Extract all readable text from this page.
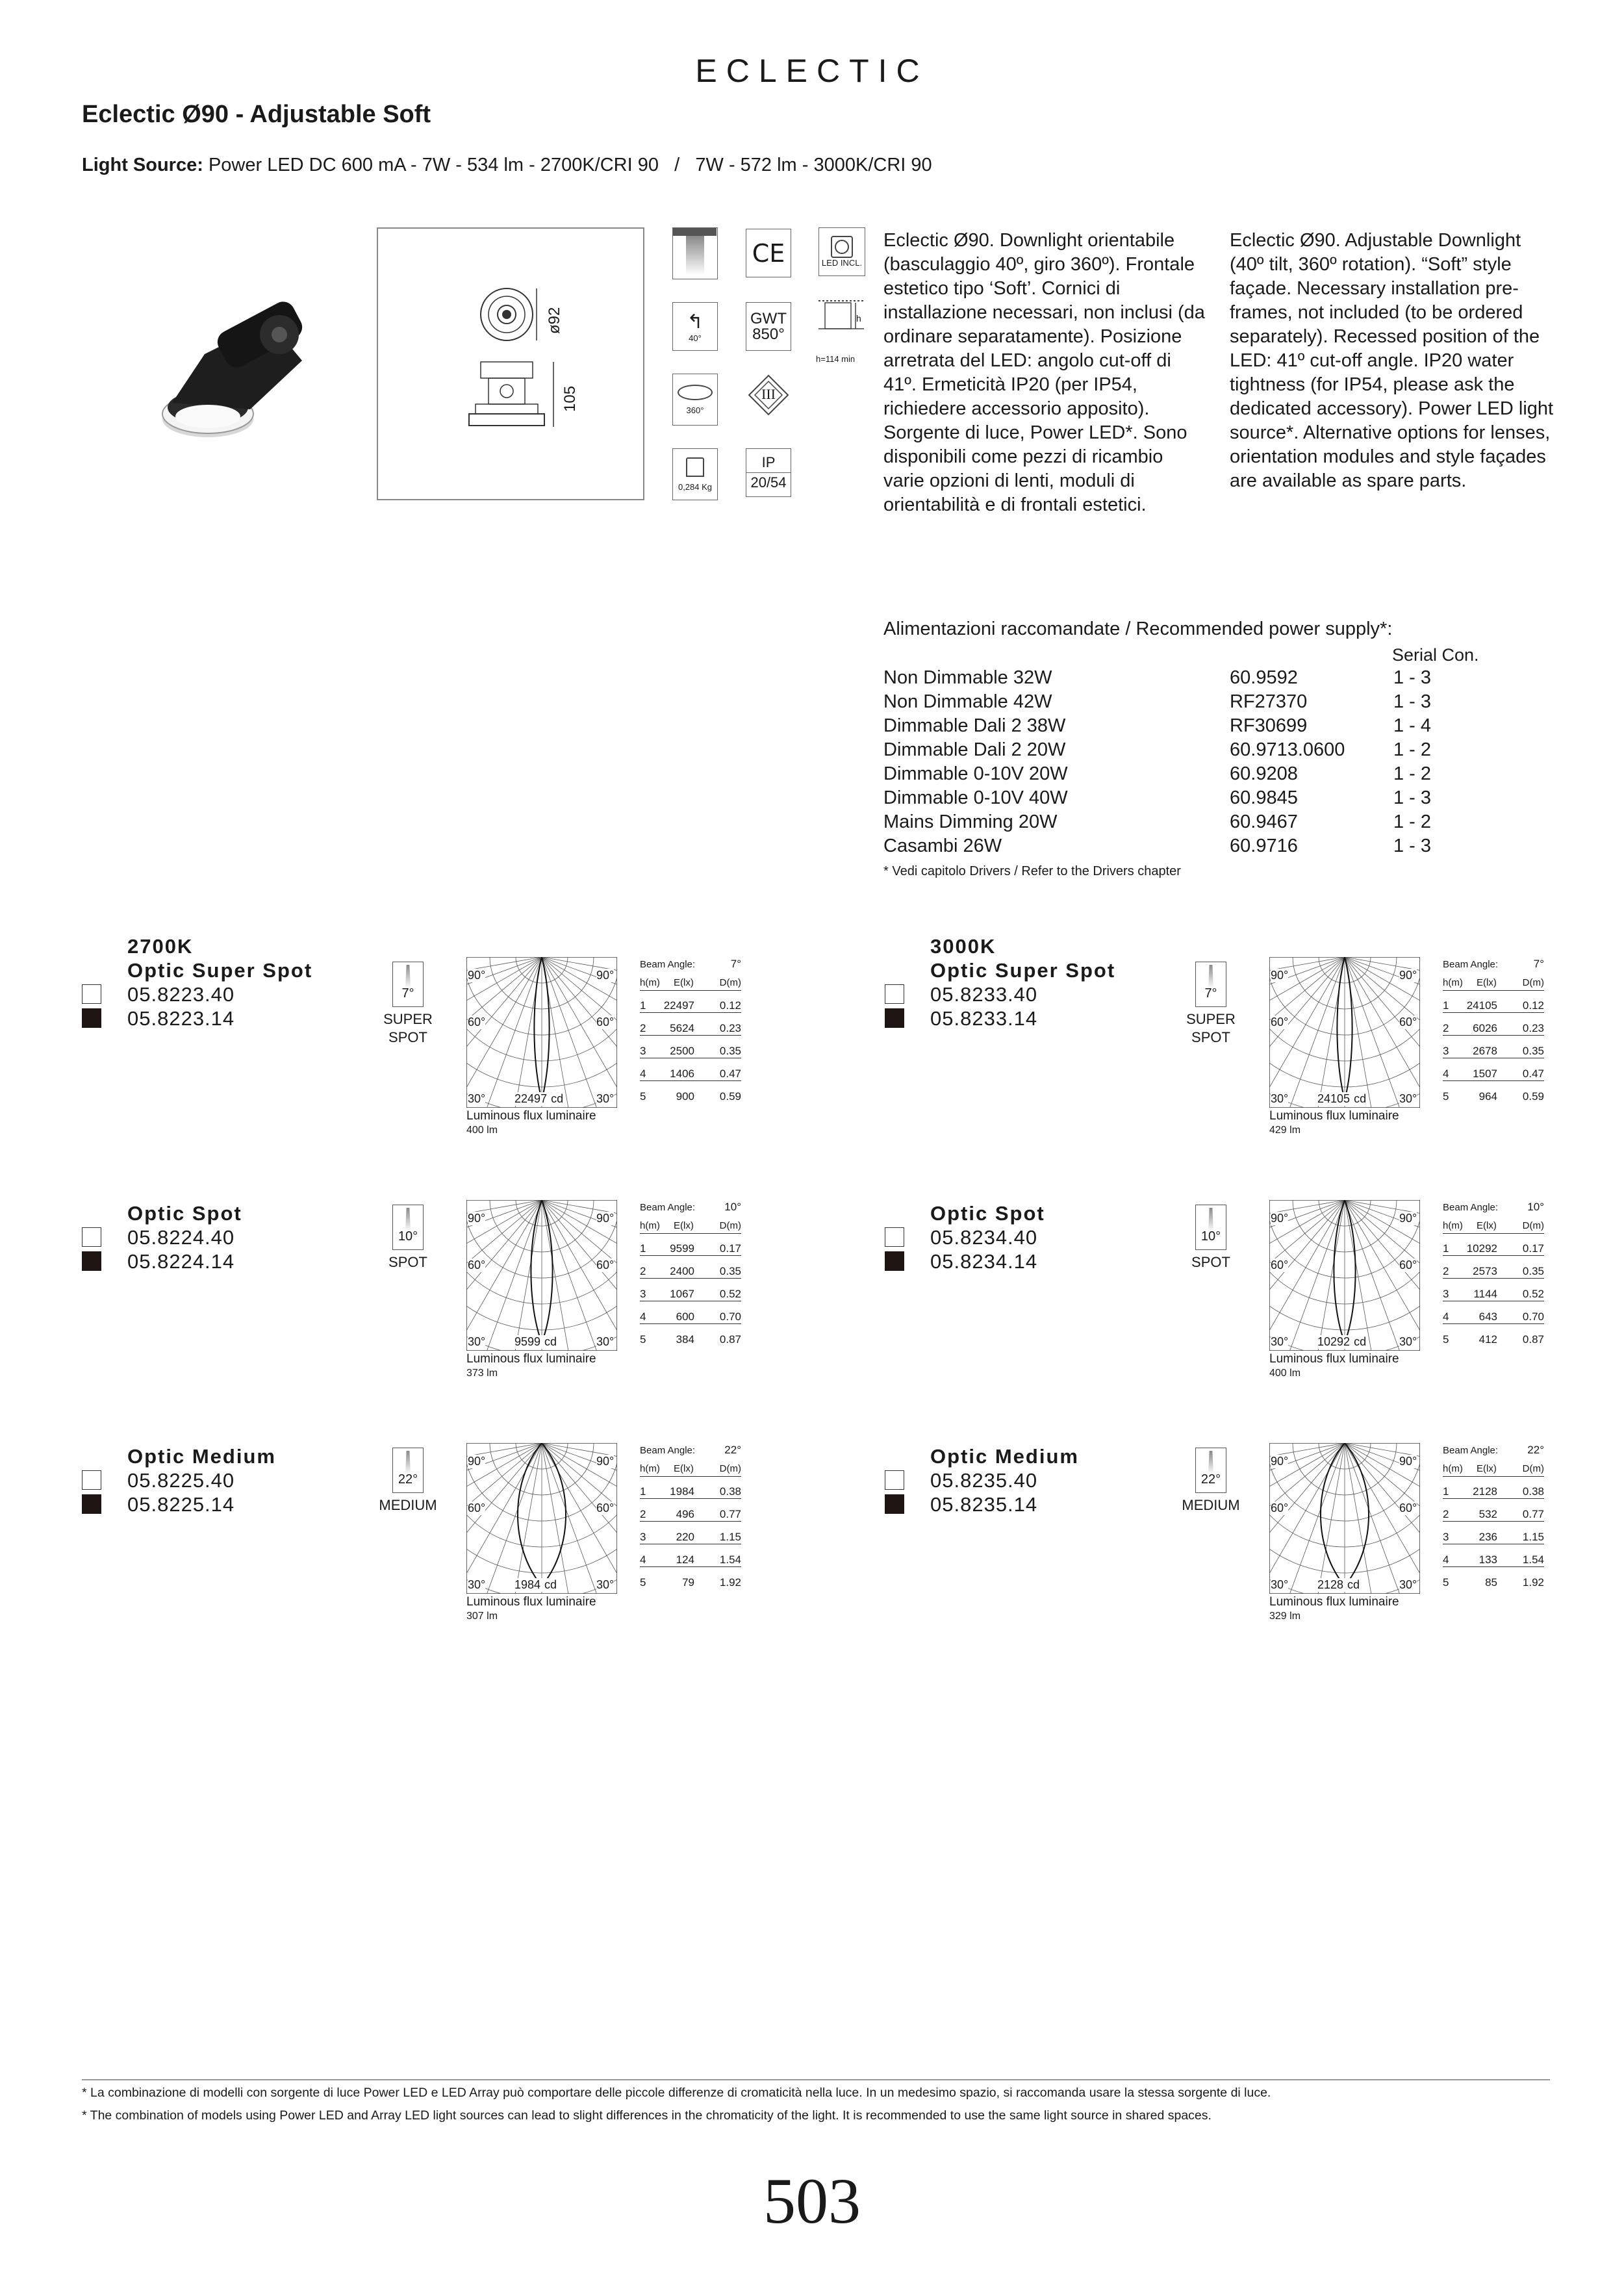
ECLECTIC
Eclectic Ø90 - Adjustable Soft
Light Source: Power LED DC 600 mA - 7W - 534 lm - 2700K/CRI 90   /   7W - 572 lm - 3000K/CRI 90
ø92
105
CE	LED INCL.
↰
40°
GWT
850°
h
h=114 min
360°
III
0,284 Kg
IP
20/54
Eclectic Ø90. Downlight orientabile (basculaggio 40º, giro 360º). Frontale estetico tipo ‘Soft’. Cornici di installazione necessari, non inclusi (da ordinare separatamente). Posizione arretrata del LED: angolo cut-off di 41º. Ermeticità IP20 (per IP54, richiedere accessorio apposito). Sorgente di luce, Power LED*. Sono disponibili come pezzi di ricambio varie opzioni di lenti, moduli di orientabilità e di frontali estetici.
Eclectic Ø90. Adjustable Downlight (40º tilt, 360º rotation). “Soft” style façade. Necessary installation pre-frames, not included (to be ordered separately). Recessed position of the LED: 41º cut-off angle. IP20 water tightness (for IP54, please ask the dedicated accessory). Power LED light source*. Alternative options for lenses, orientation modules and style façades are available as spare parts.
Alimentazioni raccomandate / Recommended power supply*:
Serial Con.
Non Dimmable 32W	60.9592	1 - 3
Non Dimmable 42W	RF27370	1 - 3
Dimmable Dali 2 38W	RF30699	1 - 4
Dimmable Dali 2 20W	60.9713.0600	1 - 2
Dimmable 0-10V 20W	60.9208	1 - 2
Dimmable 0-10V 40W	60.9845	1 - 3
Mains Dimming 20W	60.9467	1 - 2
Casambi 26W	60.9716	1 - 3
* Vedi capitolo Drivers / Refer to the Drivers chapter
2700K
Optic Super Spot
05.8223.40
05.8223.14
7°
SUPER
SPOT
90°	90°
60°	60°
30°	30°
22497 cd
Luminous flux luminaire
400 lm
Beam Angle:	7°
h(m) E(lx)	D(m)
1 22497 0.12
2 5624 0.23
3 2500 0.35
4 1406 0.47
5	900 0.59
3000K
Optic Super Spot
05.8233.40
05.8233.14
7°
SUPER
SPOT
90°	90°
60°	60°
30°	30°
24105 cd
Luminous flux luminaire
429 lm
Beam Angle:	7°
h(m) E(lx)	D(m)
1 24105 0.12
2 6026 0.23
3 2678 0.35
4 1507 0.47
5	964 0.59
Optic Spot
05.8224.40
05.8224.14
10°
SPOT
90°	90°
60°	60°
30°	30°
9599 cd
Luminous flux luminaire
373 lm
Beam Angle:	10°
h(m) E(lx)	D(m)
1 9599 0.17
2 2400 0.35
3 1067 0.52
4	600 0.70
5	384 0.87
Optic Spot
05.8234.40
05.8234.14
10°
SPOT
90°	90°
60°	60°
30°	30°
10292 cd
Luminous flux luminaire
400 lm
Beam Angle:	10°
h(m) E(lx)	D(m)
1 10292 0.17
2 2573 0.35
3 1144 0.52
4	643 0.70
5	412 0.87
Optic Medium
05.8225.40
05.8225.14
22°
MEDIUM
90°	90°
60°	60°
30°	30°
1984 cd
Luminous flux luminaire
307 lm
Beam Angle:	22°
h(m) E(lx)	D(m)
1 1984 0.38
2	496 0.77
3	220 1.15
4	124 1.54
5	79 1.92
Optic Medium
05.8235.40
05.8235.14
22°
MEDIUM
90°	90°
60°	60°
30°	30°
2128 cd
Luminous flux luminaire
329 lm
Beam Angle:	22°
h(m) E(lx)	D(m)
1 2128 0.38
2	532 0.77
3	236 1.15
4	133 1.54
5	85 1.92
* La combinazione di modelli con sorgente di luce Power LED e LED Array può comportare delle piccole differenze di cromaticità nella luce. In un medesimo spazio, si raccomanda usare la stessa sorgente di luce.
* The combination of models using Power LED and Array LED light sources can lead to slight differences in the chromaticity of the light. It is recommended to use the same light source in shared spaces.
503
